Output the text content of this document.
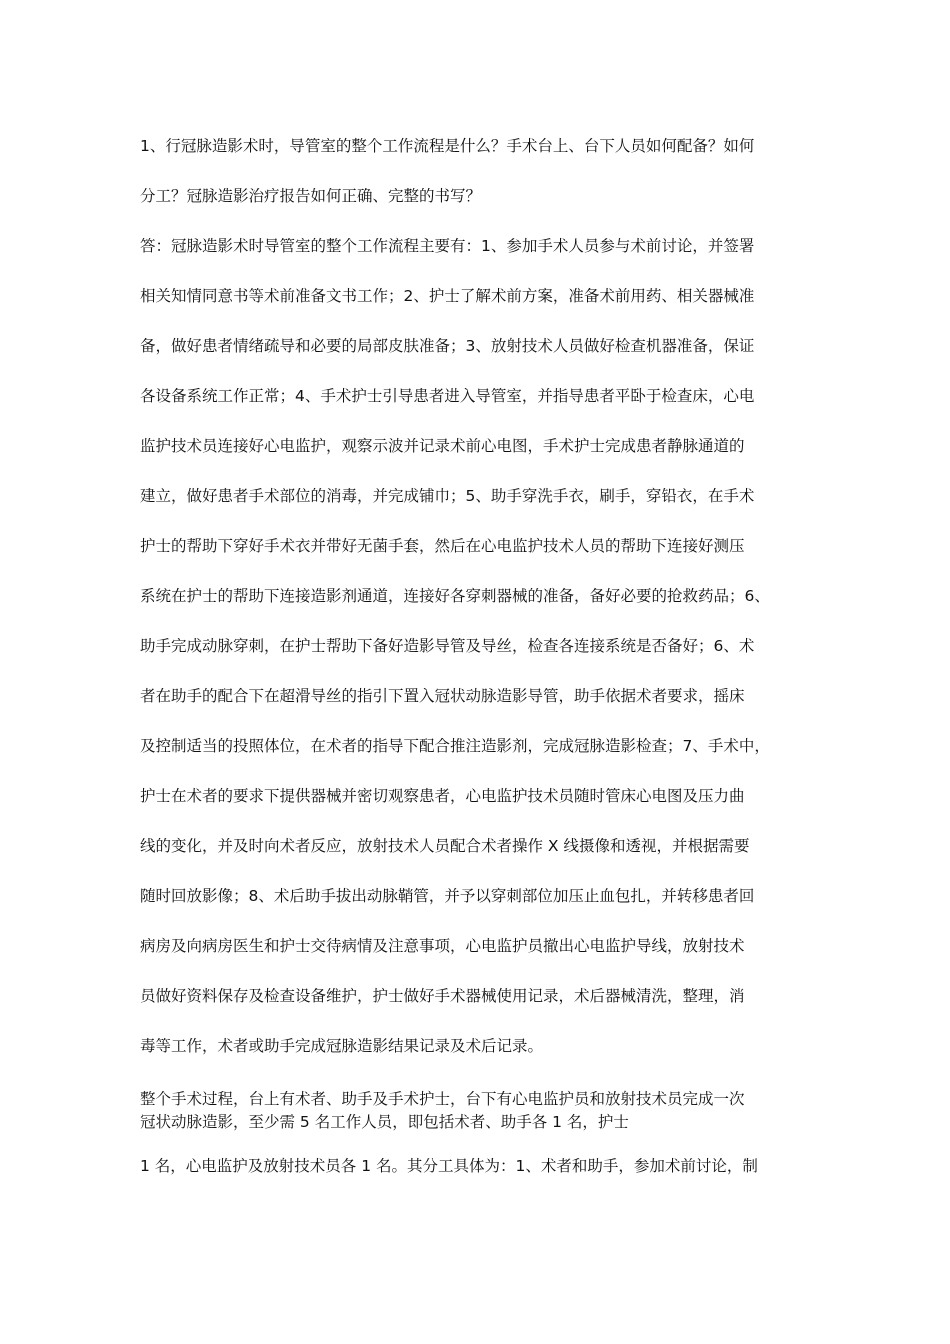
1、行冠脉造影术时，导管室的整个工作流程是什么？手术台上、台下人员如何配备？如何
分工？冠脉造影治疗报告如何正确、完整的书写？
答：冠脉造影术时导管室的整个工作流程主要有：1、参加手术人员参与术前讨论，并签署
相关知情同意书等术前准备文书工作；2、护士了解术前方案，准备术前用药、相关器械准
备，做好患者情绪疏导和必要的局部皮肤准备；3、放射技术人员做好检查机器准备，保证
各设备系统工作正常；4、手术护士引导患者进入导管室，并指导患者平卧于检查床，心电
监护技术员连接好心电监护，观察示波并记录术前心电图，手术护士完成患者静脉通道的
建立，做好患者手术部位的消毒，并完成铺巾；5、助手穿洗手衣，刷手，穿铅衣，在手术
护士的帮助下穿好手术衣并带好无菌手套，然后在心电监护技术人员的帮助下连接好测压
系统在护士的帮助下连接造影剂通道，连接好各穿刺器械的准备，备好必要的抢救药品；6、
助手完成动脉穿刺，在护士帮助下备好造影导管及导丝，检查各连接系统是否备好；6、术
者在助手的配合下在超滑导丝的指引下置入冠状动脉造影导管，助手依据术者要求，摇床
及控制适当的投照体位，在术者的指导下配合推注造影剂，完成冠脉造影检查；7、手术中，
护士在术者的要求下提供器械并密切观察患者，心电监护技术员随时管床心电图及压力曲
线的变化，并及时向术者反应，放射技术人员配合术者操作 X 线摄像和透视，并根据需要
随时回放影像；8、术后助手拔出动脉鞘管，并予以穿刺部位加压止血包扎，并转移患者回
病房及向病房医生和护士交待病情及注意事项，心电监护员撤出心电监护导线，放射技术
员做好资料保存及检查设备维护，护士做好手术器械使用记录，术后器械清洗，整理，消
毒等工作，术者或助手完成冠脉造影结果记录及术后记录。
整个手术过程，台上有术者、助手及手术护士，台下有心电监护员和放射技术员完成一次
冠状动脉造影，至少需 5 名工作人员，即包括术者、助手各 1 名，护士
1 名，心电监护及放射技术员各 1 名。其分工具体为：1、术者和助手，参加术前讨论，制
